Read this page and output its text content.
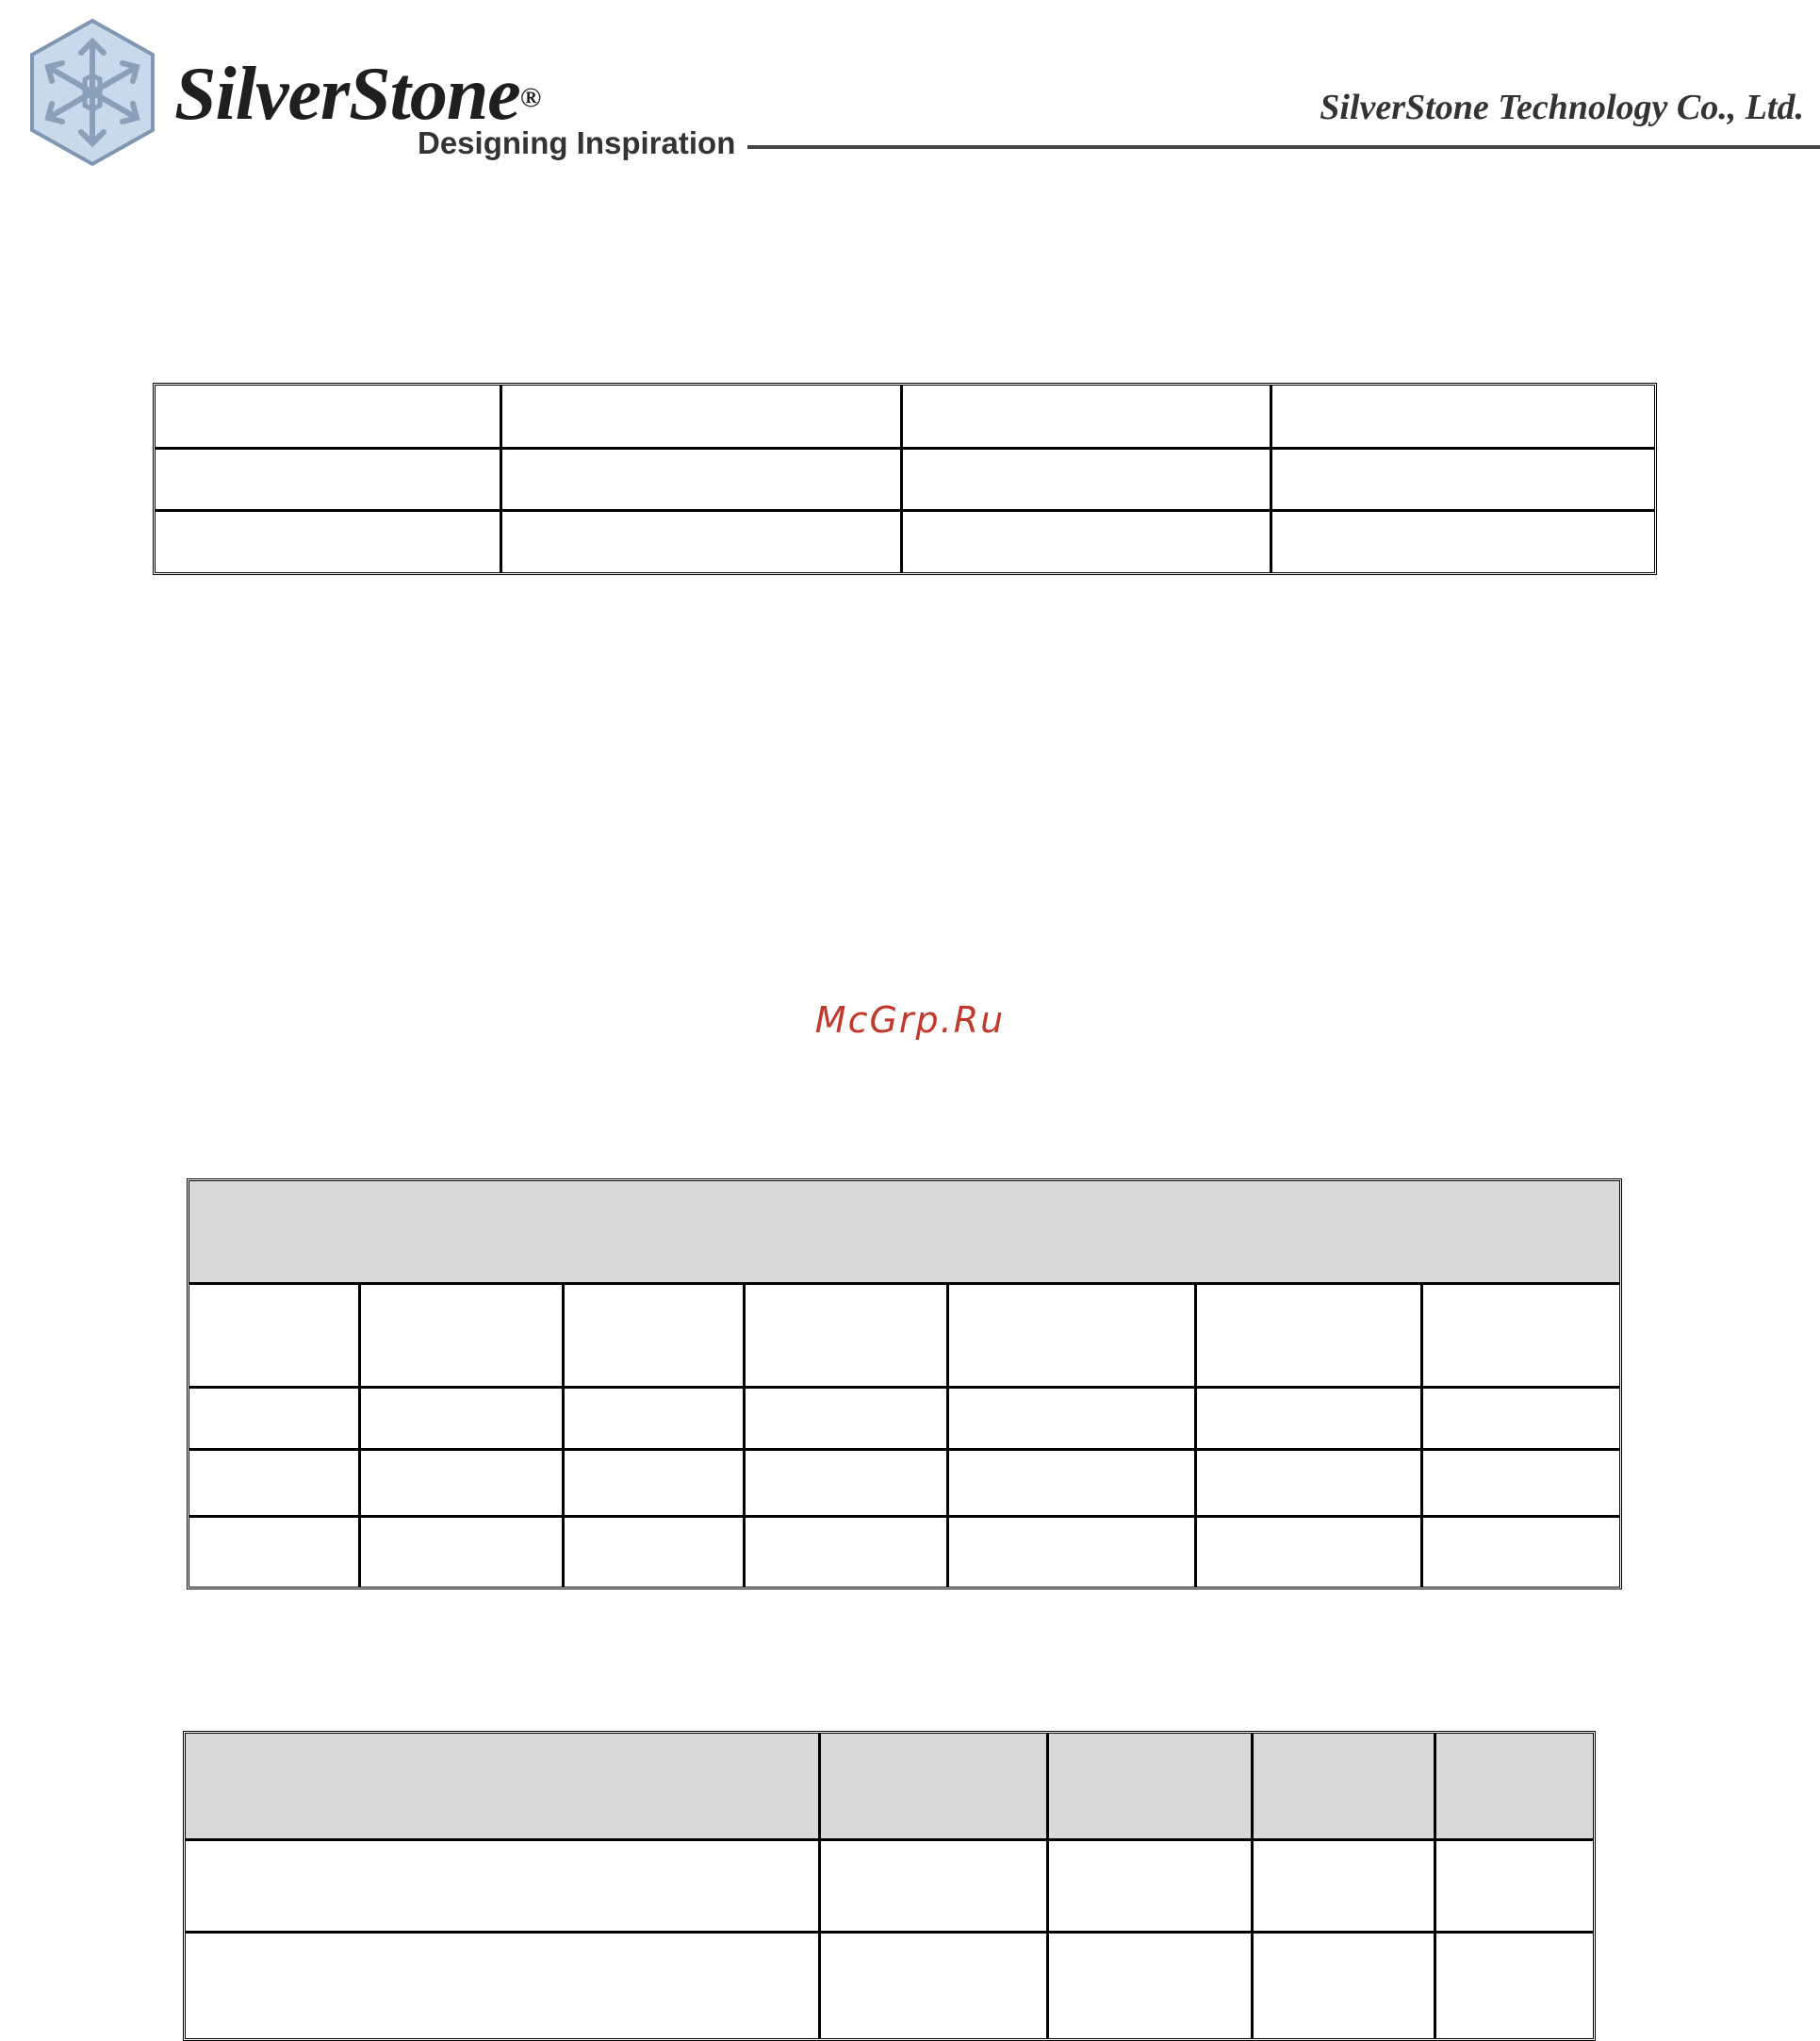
SilverStone®
Designing Inspiration
SilverStone Technology Co., Ltd.

McGrp.Ru
